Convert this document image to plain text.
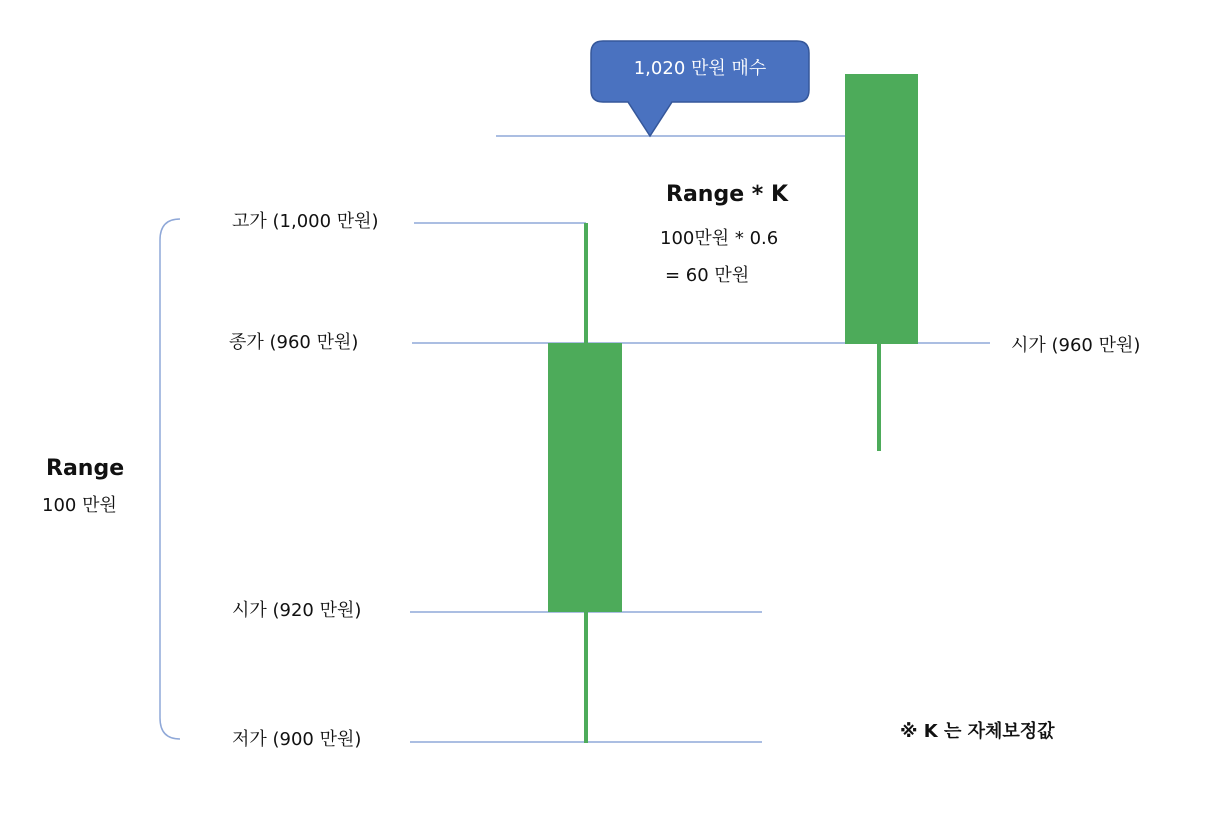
1,020 만원 매수
Range * K
100만원 * 0.6
= 60 만원
Range
100 만원
고가 (1,000 만원)
종가 (960 만원)
시가 (920 만원)
저가 (900 만원)
시가 (960 만원)
※ K 는 자체보정값
